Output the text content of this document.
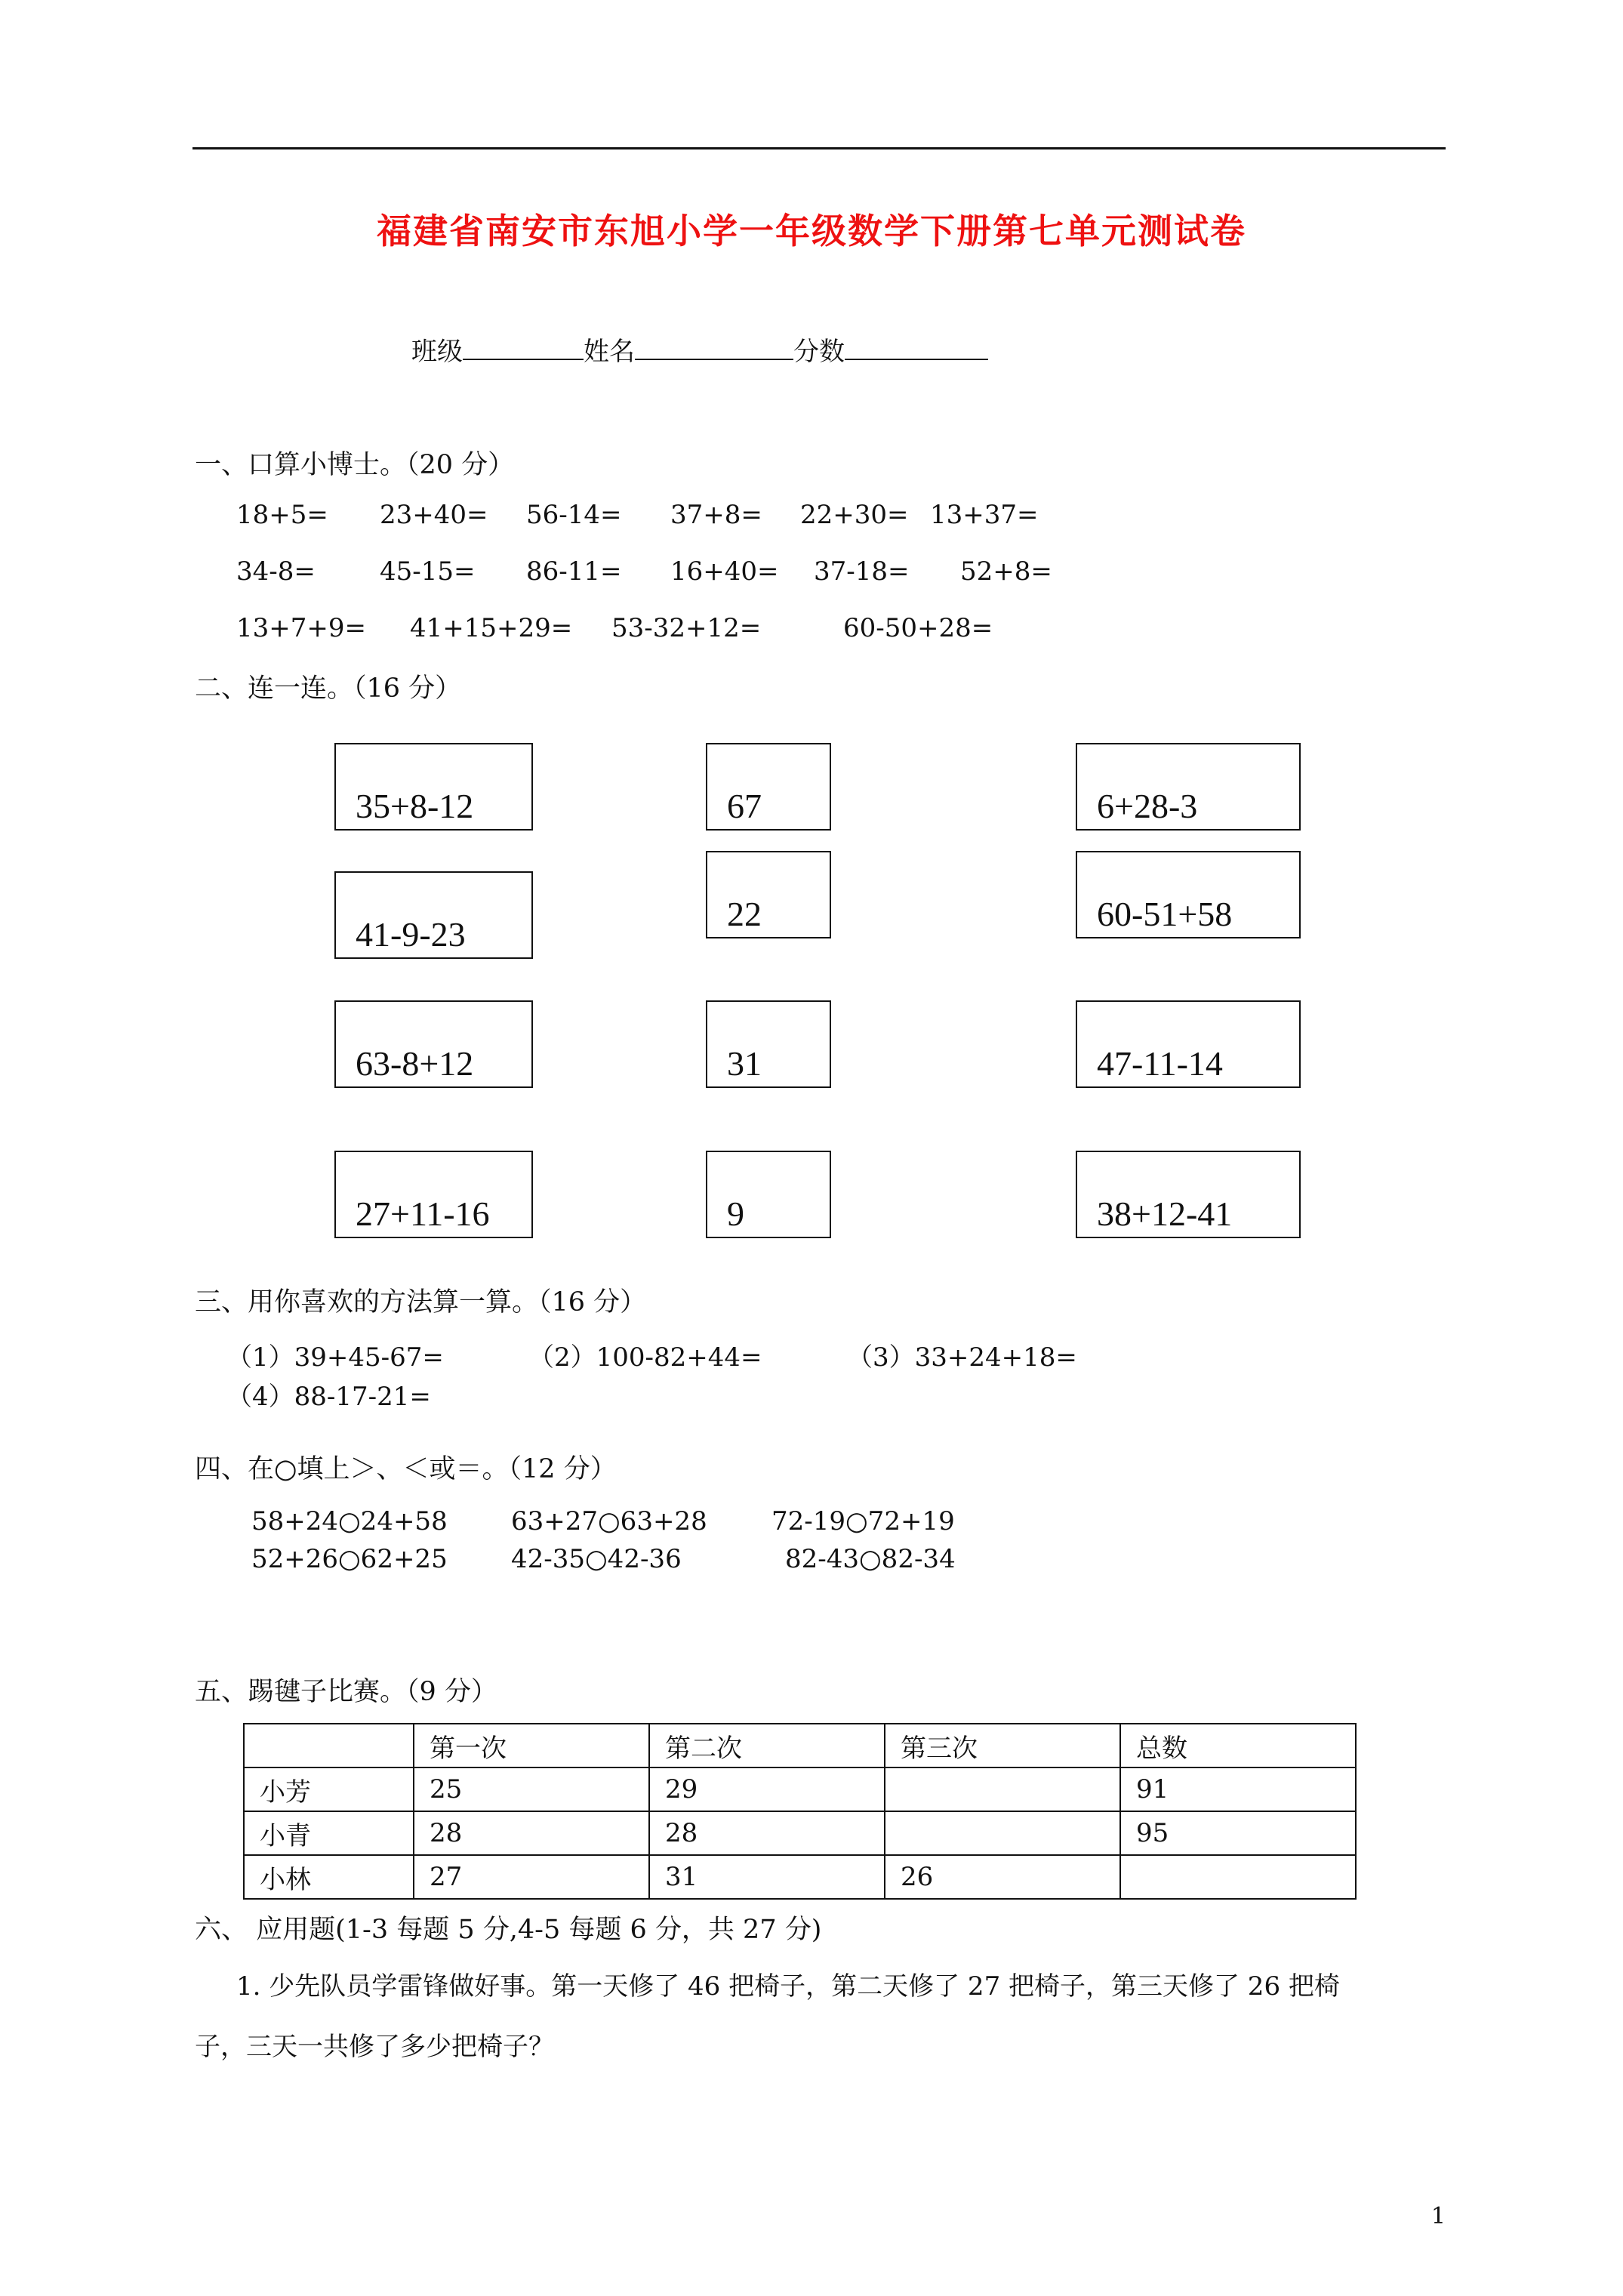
福建省南安市东旭小学一年级数学下册第七单元测试卷
班级	姓名	分数
一、口算小博士。（20 分）
18+5= 23+40= 56-14= 37+8= 22+30= 13+37=
34-8=	45-15= 86-11= 16+40= 37-18= 52+8=
13+7+9= 41+15+29= 53-32+12=	60-50+28=
二、连一连。（16 分）
35+8-12
41-9-23
63-8+12
27+11-16
67
22
31
9
6+28-3
60-51+58
47-11-14
38+12-41
三、用你喜欢的方法算一算。（16 分）
（1）39+45-67=	（2）100-82+44=	（3）33+24+18=
（4）88-17-21=
四、在○填上＞、＜或＝。（12 分）
58+24○24+58 63+27○63+28	72-19○72+19
52+26○62+25 42-35○42-36	82-43○82-34
五、踢毽子比赛。（9 分）
	第一次	第二次	第三次	总数
小芳	25	29		91
小青	28	28		95
小林	27	31	26	
六、 应用题(1-3 每题 5 分,4-5 每题 6 分，共 27 分)
1. 少先队员学雷锋做好事。第一天修了 46 把椅子，第二天修了 27 把椅子，第三天修了 26 把椅
子，三天一共修了多少把椅子？
1
